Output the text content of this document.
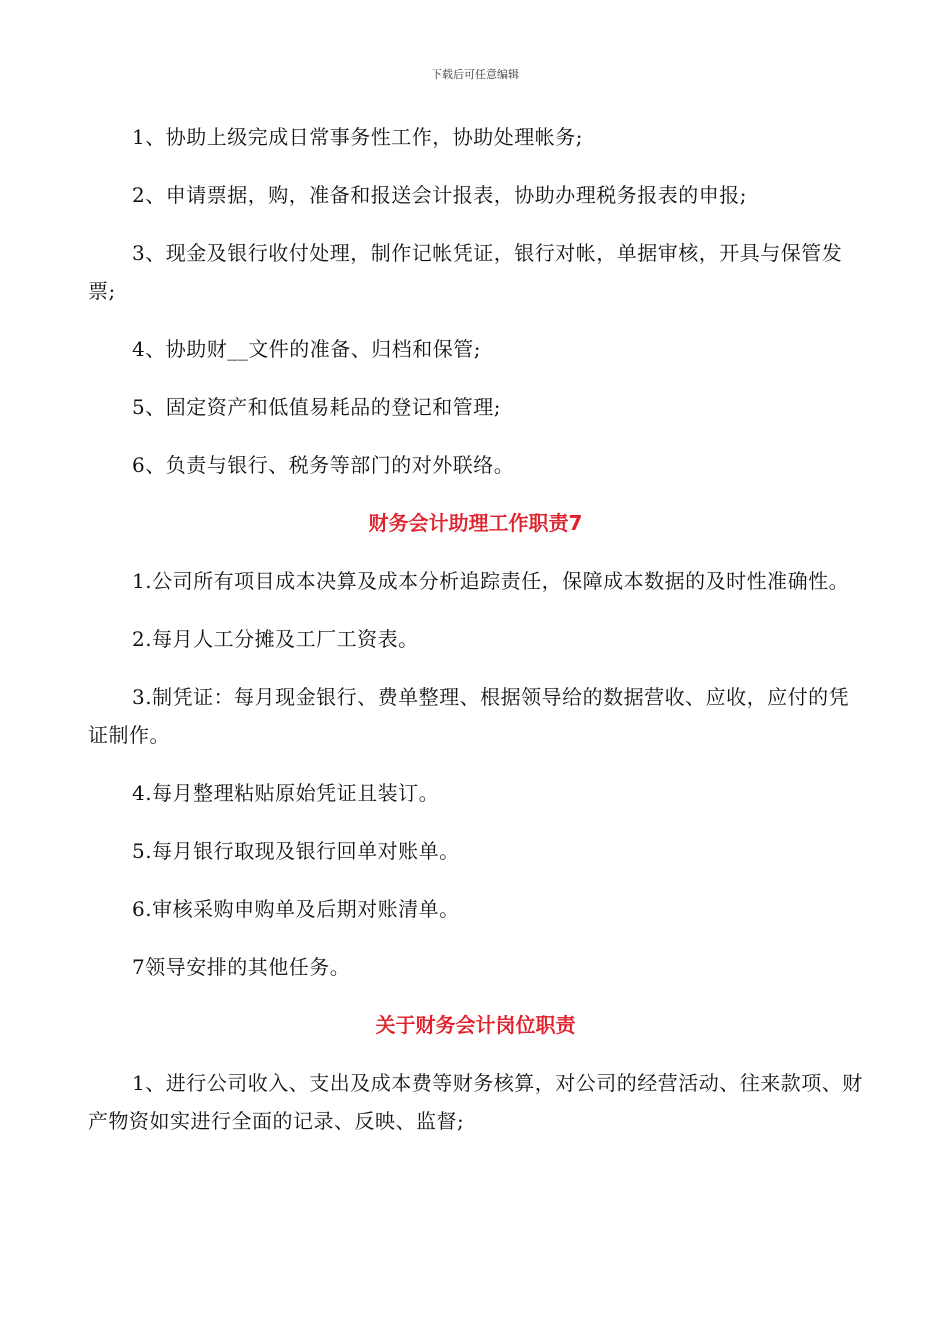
下载后可任意编辑

1、协助上级完成日常事务性工作，协助处理帐务;

2、申请票据，购，准备和报送会计报表，协助办理税务报表的申报;

3、现金及银行收付处理，制作记帐凭证，银行对帐，单据审核，开具与保管发票;

4、协助财__文件的准备、归档和保管;

5、固定资产和低值易耗品的登记和管理;

6、负责与银行、税务等部门的对外联络。

财务会计助理工作职责7

1.公司所有项目成本决算及成本分析追踪责任，保障成本数据的及时性准确性。

2.每月人工分摊及工厂工资表。

3.制凭证：每月现金银行、费单整理、根据领导给的数据营收、应收，应付的凭证制作。

4.每月整理粘贴原始凭证且装订。

5.每月银行取现及银行回单对账单。

6.审核采购申购单及后期对账清单。

7领导安排的其他任务。

关于财务会计岗位职责

1、进行公司收入、支出及成本费等财务核算，对公司的经营活动、往来款项、财产物资如实进行全面的记录、反映、监督;
